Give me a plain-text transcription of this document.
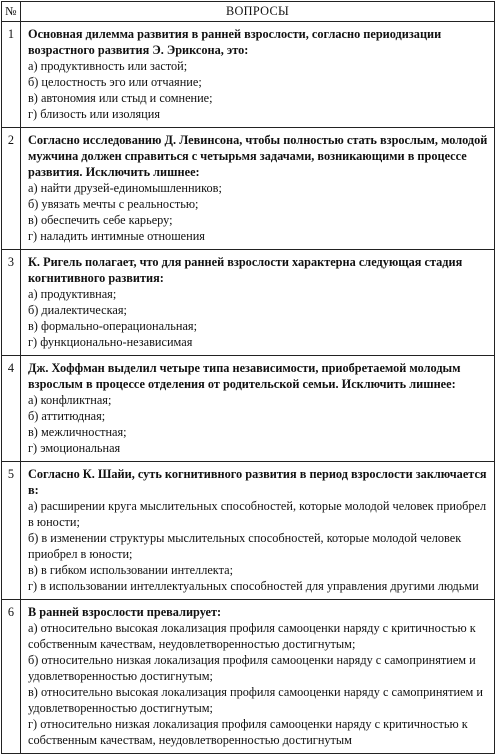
№	ВОПРОСЫ
1	Основная дилемма развития в ранней взрослости, согласно периодизации возрастного развития Э. Эриксона, это:
а) продуктивность или застой;
б) целостность эго или отчаяние;
в) автономия или стыд и сомнение;
г) близость или изоляция

2	Согласно исследованию Д. Левинсона, чтобы полностью стать взрослым, молодой мужчина должен справиться с четырьмя задачами, возникающими в процессе развития. Исключить лишнее:
а) найти друзей-единомышленников;
б) увязать мечты с реальностью;
в) обеспечить себе карьеру;
г) наладить интимные отношения

3	К. Ригель полагает, что для ранней взрослости характерна следующая стадия когнитивного развития:
а) продуктивная;
б) диалектическая;
в) формально-операциональная;
г) функционально-независимая

4	Дж. Хоффман выделил четыре типа независимости, приобретаемой молодым взрослым в процессе отделения от родительской семьи. Исключить лишнее:
а) конфликтная;
б) аттитюдная;
в) межличностная;
г) эмоциональная

5	Согласно К. Шайи, суть когнитивного развития в период взрослости заключается в:
а) расширении круга мыслительных способностей, которые молодой человек приобрел в юности;
б) в изменении структуры мыслительных способностей, которые молодой человек приобрел в юности;
в) в гибком использовании интеллекта;
г) в использовании интеллектуальных способностей для управления другими людьми

6	В ранней взрослости превалирует:
а) относительно высокая локализация профиля самооценки наряду с критичностью к собственным качествам, неудовлетворенностью достигнутым;
б) относительно низкая локализация профиля самооценки наряду с самопринятием и удовлетворенностью достигнутым;
в) относительно высокая локализация профиля самооценки наряду с самопринятием и удовлетворенностью достигнутым;
г) относительно низкая локализация профиля самооценки наряду с критичностью к собственным качествам, неудовлетворенностью достигнутым
